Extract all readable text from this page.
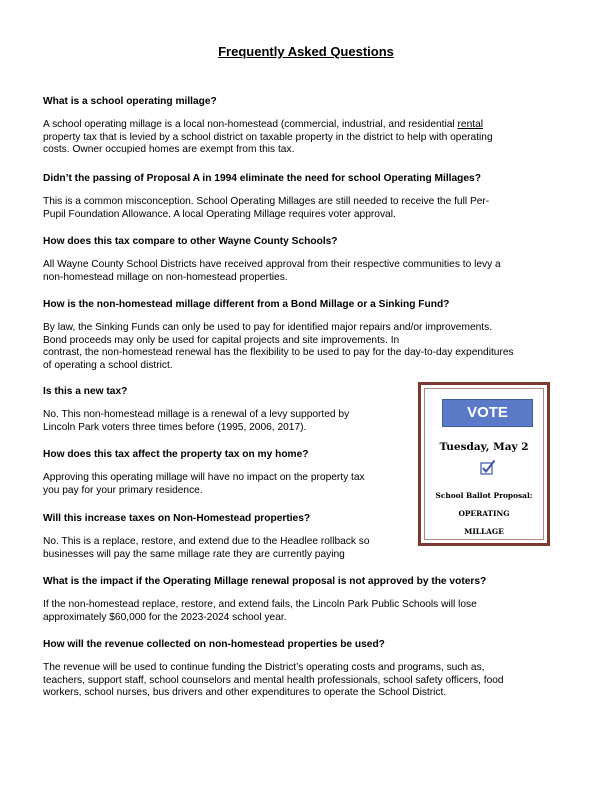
Frequently Asked Questions
What is a school operating millage?
A school operating millage is a local non-homestead (commercial, industrial, and residential rental
property tax that is levied by a school district on taxable property in the district to help with operating
costs. Owner occupied homes are exempt from this tax.
Didn’t the passing of Proposal A in 1994 eliminate the need for school Operating Millages?
This is a common misconception. School Operating Millages are still needed to receive the full Per-
Pupil Foundation Allowance. A local Operating Millage requires voter approval.
How does this tax compare to other Wayne County Schools?
All Wayne County School Districts have received approval from their respective communities to levy a
non-homestead millage on non-homestead properties.
How is the non-homestead millage different from a Bond Millage or a Sinking Fund?
By law, the Sinking Funds can only be used to pay for identified major repairs and/or improvements.
Bond proceeds may only be used for capital projects and site improvements. In
contrast, the non-homestead renewal has the flexibility to be used to pay for the day-to-day expenditures
of operating a school district.
Is this a new tax?
No. This non-homestead millage is a renewal of a levy supported by
Lincoln Park voters three times before (1995, 2006, 2017).
How does this tax affect the property tax on my home?
Approving this operating millage will have no impact on the property tax
you pay for your primary residence.
Will this increase taxes on Non-Homestead properties?
No. This is a replace, restore, and extend due to the Headlee rollback so
businesses will pay the same millage rate they are currently paying
What is the impact if the Operating Millage renewal proposal is not approved by the voters?
If the non-homestead replace, restore, and extend fails, the Lincoln Park Public Schools will lose
approximately $60,000 for the 2023-2024 school year.
How will the revenue collected on non-homestead properties be used?
The revenue will be used to continue funding the District’s operating costs and programs, such as,
teachers, support staff, school counselors and mental health professionals, school safety officers, food
workers, school nurses, bus drivers and other expenditures to operate the School District.
VOTE
Tuesday, May 2
School Ballot Proposal:
OPERATING
MILLAGE
